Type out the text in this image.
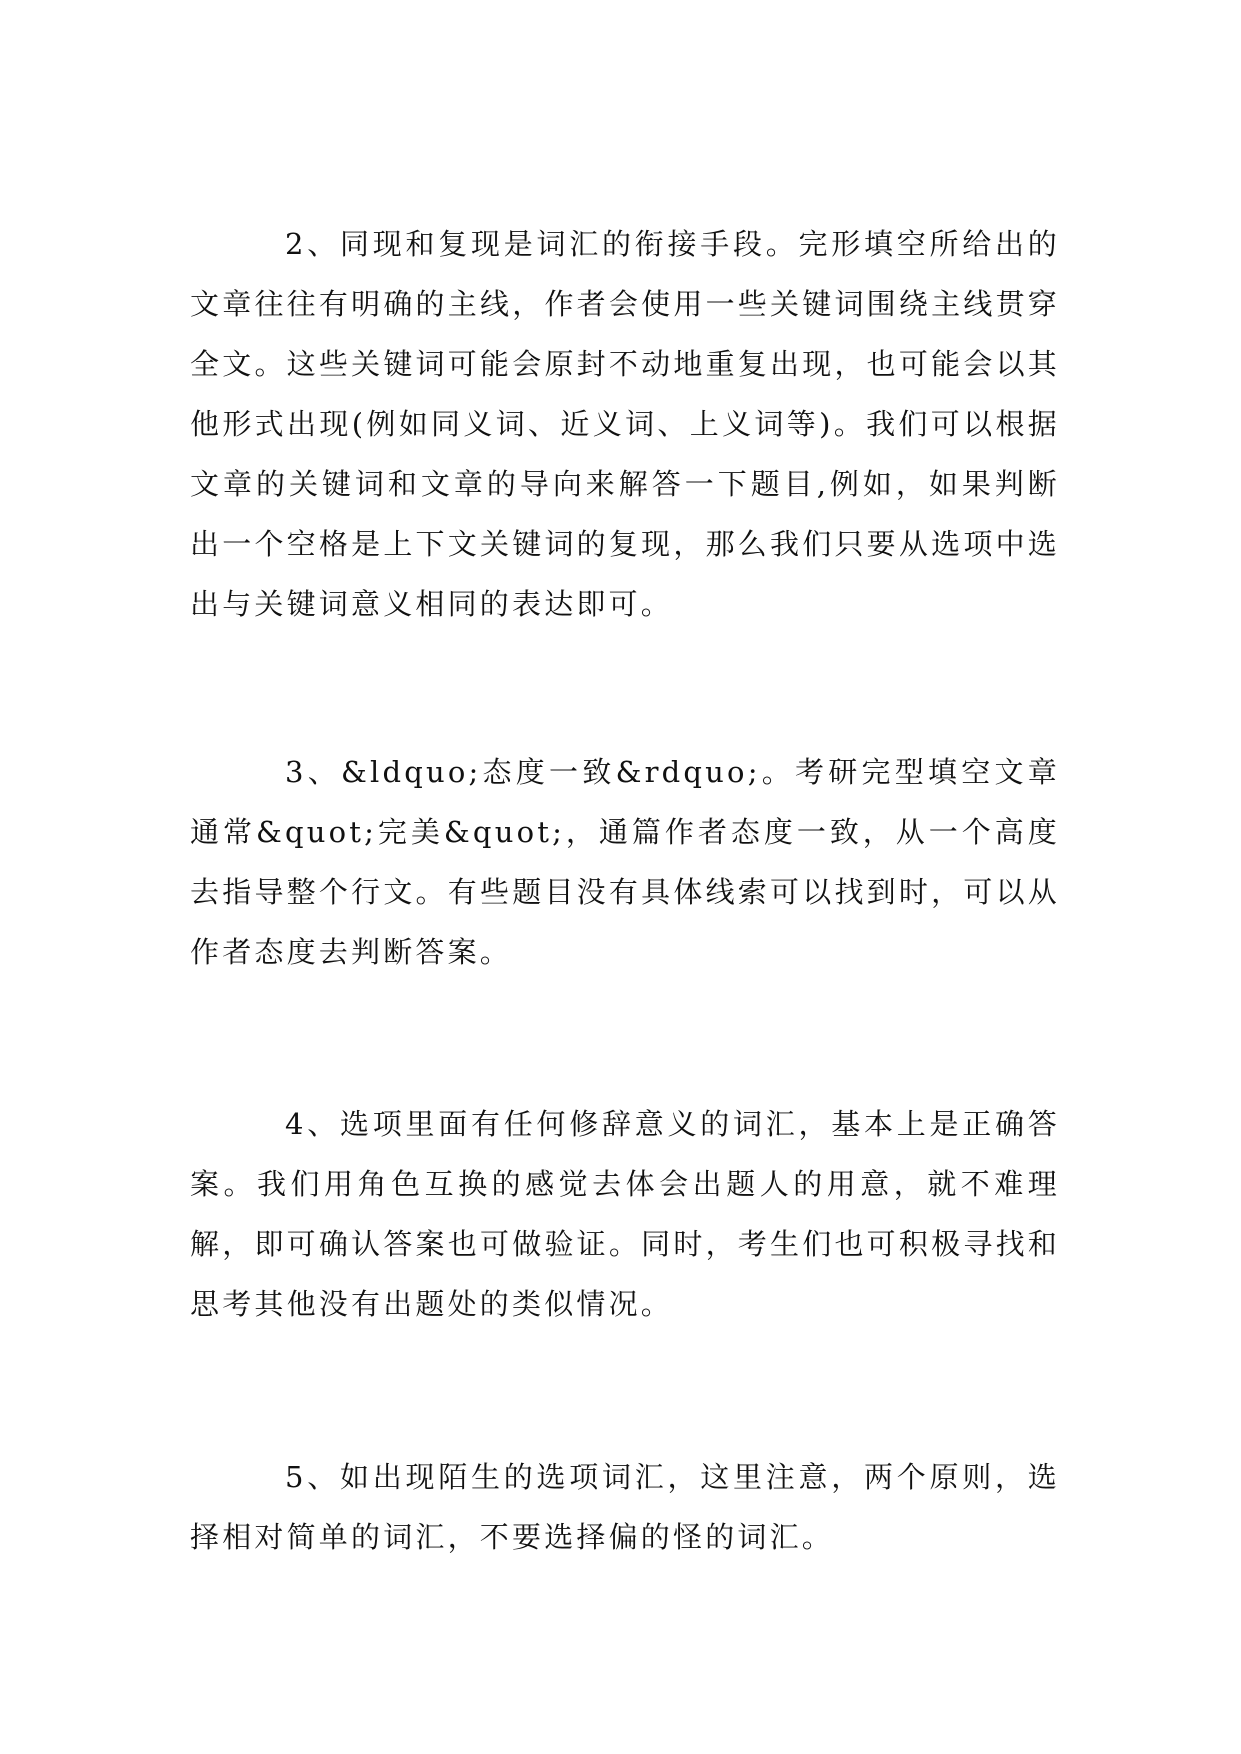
2、同现和复现是词汇的衔接手段。完形填空所给出的文章往往有明确的主线，作者会使用一些关键词围绕主线贯穿全文。这些关键词可能会原封不动地重复出现，也可能会以其他形式出现(例如同义词、近义词、上义词等)。我们可以根据文章的关键词和文章的导向来解答一下题目,例如，如果判断出一个空格是上下文关键词的复现，那么我们只要从选项中选出与关键词意义相同的表达即可。

3、&ldquo;态度一致&rdquo;。考研完型填空文章通常&quot;完美&quot;，通篇作者态度一致，从一个高度去指导整个行文。有些题目没有具体线索可以找到时，可以从作者态度去判断答案。

4、选项里面有任何修辞意义的词汇，基本上是正确答案。我们用角色互换的感觉去体会出题人的用意，就不难理解，即可确认答案也可做验证。同时，考生们也可积极寻找和思考其他没有出题处的类似情况。

5、如出现陌生的选项词汇，这里注意，两个原则，选择相对简单的词汇，不要选择偏的怪的词汇。
